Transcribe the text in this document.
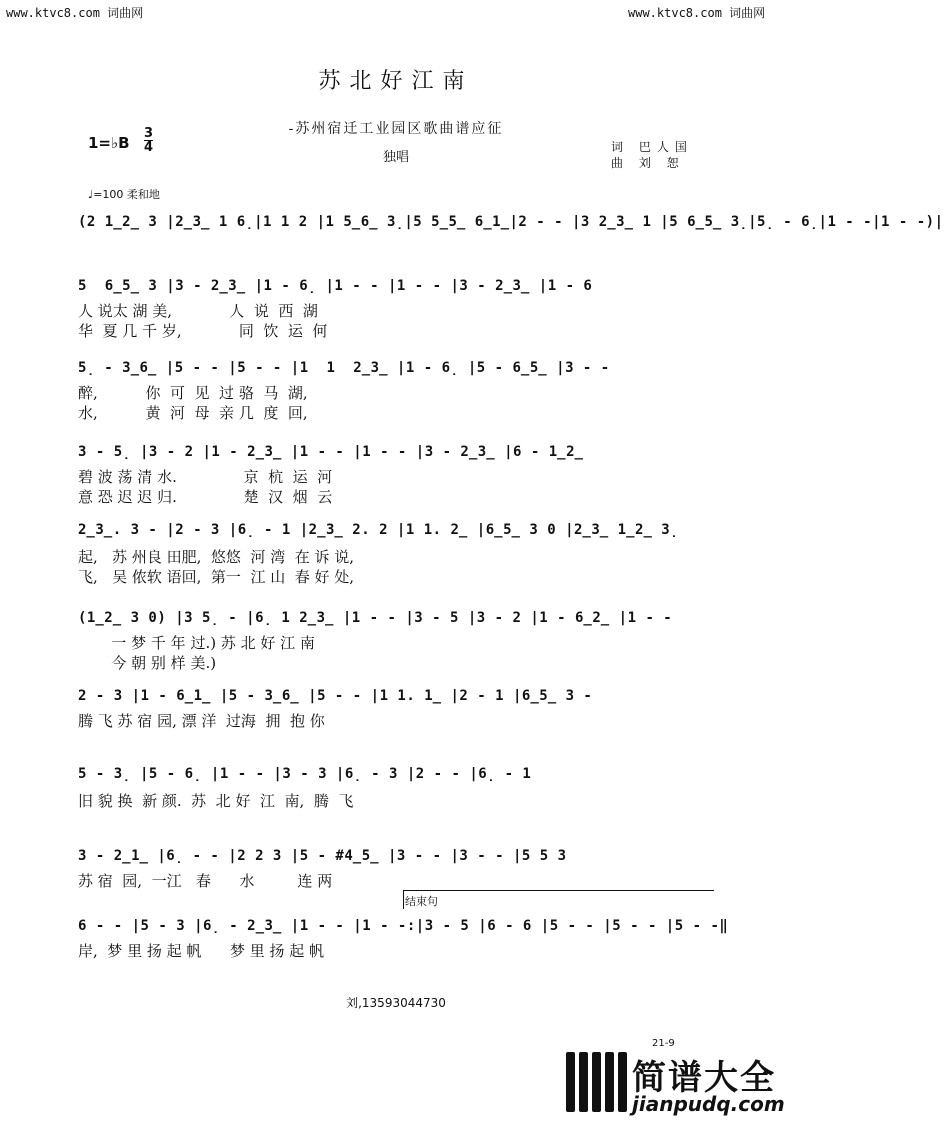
www.ktvc8.com 词曲网	www.ktvc8.com 词曲网
苏北好江南
-苏州宿迁工业园区歌曲谱应征
1=♭B
3
4
独唱
词 巴人国
曲 刘 恕
♩=100 柔和地
(2 1̲2̲ 3 |2̲3̲ 1 6̣|1 1 2 |1 5̲6̲ 3̣|5 5̲5̲ 6̲1̲|2 - - |3 2̲3̲ 1 |5 6̲5̲ 3̣|5̣ - 6̣|1 - -|1 - -)|
5  6̲5̲ 3 |3 - 2̲3̲ |1 - 6̣ |1 - - |1 - - |3 - 2̲3̲ |1 - 6
人 说太 湖 美,            人  说  西  湖
华  夏 几 千 岁,            同  饮  运  何
5̣ - 3̲6̲ |5 - - |5 - - |1  1  2̲3̲ |1 - 6̣ |5 - 6̲5̲ |3 - -
醉,          你  可  见  过 骆  马  湖,
水,          黄  河  母  亲 几  度  回,
3 - 5̣ |3 - 2 |1 - 2̲3̲ |1 - - |1 - - |3 - 2̲3̲ |6 - 1̲2̲
碧 波 荡 清 水.              京  杭  运  河
意 恐 迟 迟 归.              楚  汉  烟  云
2̲3̲. 3 - |2 - 3 |6̣ - 1 |2̲3̲ 2. 2 |1 1. 2̲ |6̲5̲ 3 0 |2̲3̲ 1̲2̲ 3̣
起,   苏 州良 田肥,  悠悠  河 湾  在 诉 说,
飞,   吴 侬软 语回,  第一  江 山  春 好 处,
(1̲2̲ 3 0) |3 5̣ - |6̣ 1 2̲3̲ |1 - - |3 - 5 |3 - 2 |1 - 6̲2̲ |1 - -
一 梦 千 年 过.) 苏 北 好 江 南
今 朝 别 样 美.)
2 - 3 |1 - 6̲1̲ |5 - 3̲6̲ |5 - - |1 1. 1̲ |2 - 1 |6̲5̲ 3 -
腾 飞 苏 宿 园, 漂 洋  过海  拥  抱 你
5 - 3̣ |5 - 6̣ |1 - - |3 - 3 |6̣ - 3 |2 - - |6̣ - 1
旧 貌 换  新 颜.  苏  北 好  江  南,  腾  飞
3 - 2̲1̲ |6̣ - - |2 2 3 |5 - #4̲5̲ |3 - - |3 - - |5 5 3
苏 宿  园,  一江   春      水         连 两
结束句
6 - - |5 - 3 |6̣ - 2̲3̲ |1 - - |1 - -:|3 - 5 |6 - 6 |5 - - |5 - - |5 - -‖
岸,  梦 里 扬 起 帆      梦 里 扬 起 帆
刘,13593044730
21-9
简谱大全
jianpudq.com
